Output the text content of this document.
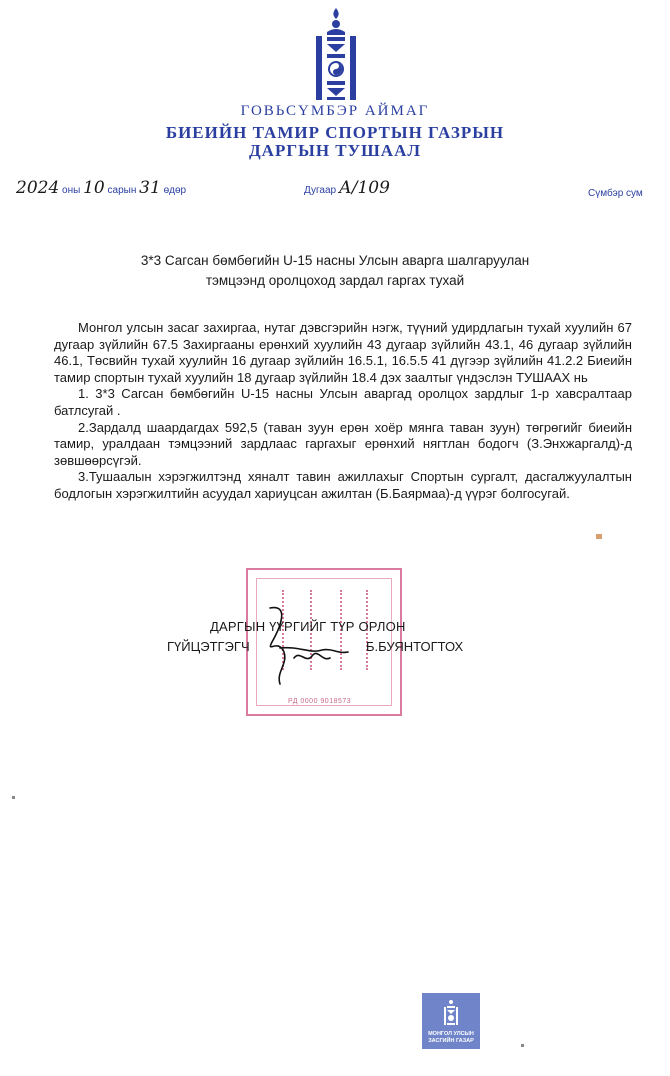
ГОВЬСҮМБЭР АЙМАГ
БИЕИЙН ТАМИР СПОРТЫН ГАЗРЫН
ДАРГЫН ТУШААЛ
2024 оны 10 сарын 31 өдөр	Дугаар А/109	Сүмбэр сум
3*3 Сагсан бөмбөгийн U-15 насны Улсын аварга шалгаруулан
тэмцээнд оролцоход зардал гаргах тухай

Монгол улсын засаг захиргаа, нутаг дэвсгэрийн нэгж, түүний удирдлагын тухай хуулийн 67 дугаар зүйлийн 67.5 Захиргааны ерөнхий хуулийн 43 дугаар зүйлийн 43.1, 46 дугаар зүйлийн 46.1, Төсвийн тухай хуулийн 16 дугаар зүйлийн 16.5.1, 16.5.5 41 дүгээр зүйлийн 41.2.2 Биеийн тамир спортын тухай хуулийн 18 дугаар зүйлийн 18.4 дэх заалтыг үндэслэн ТУШААХ нь

1. 3*3 Сагсан бөмбөгийн U-15 насны Улсын аваргад оролцох зардлыг 1-р хавсралтаар батлсугай .

2.Зардалд шаардагдах 592,5 (таван зуун ерөн хоёр мянга таван зуун) төгрөгийг биеийн тамир, уралдаан тэмцээний зардлаас гаргахыг ерөнхий нягтлан бодогч (З.Энхжаргалд)-д зөвшөөрсүгэй.

3.Тушаалын хэрэгжилтэнд хяналт тавин ажиллахыг Спортын сургалт, дасгалжуулалтын бодлогын хэрэгжилтийн асуудал хариуцсан ажилтан (Б.Баярмаа)-д үүрэг болгосугай.

РД 0000 9018573
ДАРГЫН ҮҮРГИЙГ ТҮР ОРЛОН
ГҮЙЦЭТГЭГЧ	Б.БУЯНТОГТОХ
МОНГОЛ УЛСЫН
ЗАСГИЙН ГАЗАР
